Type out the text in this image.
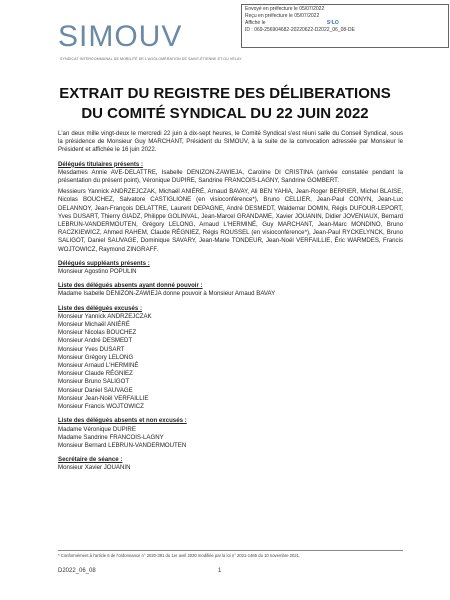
Envoyé en préfecture le 05/07/2022
Reçu en préfecture le 05/07/2022
Affiché le	S²LO
ID : 069-256904682-20220622-D2022_06_08-DE
SIMOUV
SYNDICAT INTERCOMMUNAL DE MOBILITÉ DE L'AGGLOMÉRATION DE SAINT-ÉTIENNE ET DU VELAY
EXTRAIT DU REGISTRE DES DÉLIBERATIONS
DU COMITÉ SYNDICAL DU 22 JUIN 2022
L'an deux mille vingt-deux le mercredi 22 juin à dix-sept heures, le Comité Syndical s'est réuni salle du Conseil Syndical, sous la présidence de Monsieur Guy MARCHANT, Président du SIMOUV, à la suite de la convocation adressée par Monsieur le Président et affichée le 16 juin 2022.
Délégués titulaires présents :
Mesdames Annie AVE-DELATTRE, Isabelle DENIZON-ZAWIEJA, Caroline DI CRISTINA (arrivée constatée pendant la présentation du présent point), Véronique DUPIRE, Sandrine FRANCOIS-LAGNY, Sandrine GOMBERT.
Messieurs Yannick ANDRZEJCZAK, Michaël ANIÉRÉ, Arnaud BAVAY, Ali BEN YAHIA, Jean-Roger BERRIER, Michel BLAISE, Nicolas BOUCHEZ, Salvatore CASTIGLIONE (en visioconférence*), Bruno CELLIER, Jean-Paul CONYN, Jean-Luc DELANNOY, Jean-François DELATTRE, Laurent DEPAGNE, André DESMEDT, Waldemar DOMIN, Régis DUFOUR-LEPORT, Yves DUSART, Thierry GIADZ, Philippe GOLINVAL, Jean-Marcel GRANDAME, Xavier JOUANIN, Didier JOVENIAUX, Bernard LEBRUN-VANDERMOUTEN, Grégory LELONG, Arnaud L'HERMINÉ, Guy MARCHANT, Jean-Marc MONDINO, Bruno RACZKIEWICZ, Ahmed RAHEM, Claude RÉGNIEZ, Régis ROUSSEL (en visioconférence*), Jean-Paul RYCKELYNCK, Bruno SALIGOT, Daniel SAUVAGE, Dominique SAVARY, Jean-Marie TONDEUR, Jean-Noël VERFAILLIE, Éric WARMDES, Francis WOJTOWICZ, Raymond ZINGRAFF.
Délégués suppléants présents :
Monsieur Agostino POPULIN
Liste des délégués absents ayant donné pouvoir :
Madame Isabelle DENIZON-ZAWIEJA donne pouvoir à Monsieur Arnaud BAVAY
Liste des délégués excusés :
Monsieur Yannick ANDRZEJCZAK
Monsieur Michaël ANIÉRÉ
Monsieur Nicolas BOUCHEZ
Monsieur André DESMEDT
Monsieur Yves DUSART
Monsieur Grégory LELONG
Monsieur Arnaud L'HERMINÉ
Monsieur Claude RÉGNIEZ
Monsieur Bruno SALIGOT
Monsieur Daniel SAUVAGE
Monsieur Jean-Noël VERFAILLIE
Monsieur Francis WOJTOWICZ
Liste des délégués absents et non excusés :
Madame Véronique DUPIRE
Madame Sandrine FRANCOIS-LAGNY
Monsieur Bernard LEBRUN-VANDERMOUTEN
Secrétaire de séance :
Monsieur Xavier JOUANIN
* Conformément à l'article 6 de l'ordonnance n° 2020-391 du 1er avril 2020 modifiée par la loi n° 2021-1465 du 10 novembre 2021.
D2022_06_08	1
